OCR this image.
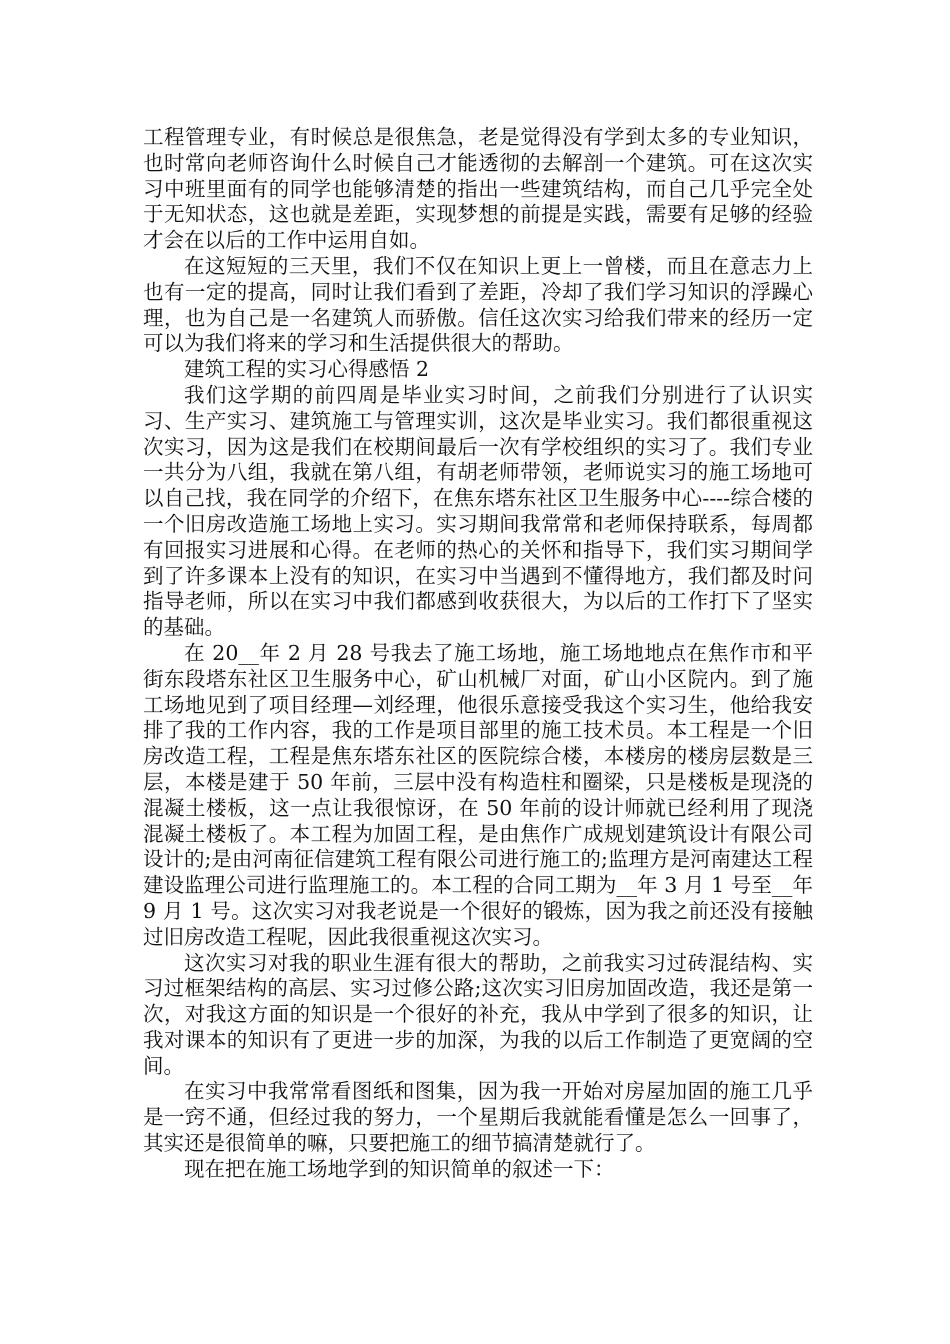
工程管理专业，有时候总是很焦急，老是觉得没有学到太多的专业知识，也时常向老师咨询什么时候自己才能透彻的去解剖一个建筑。可在这次实习中班里面有的同学也能够清楚的指出一些建筑结构，而自己几乎完全处于无知状态，这也就是差距，实现梦想的前提是实践，需要有足够的经验才会在以后的工作中运用自如。

在这短短的三天里，我们不仅在知识上更上一曾楼，而且在意志力上也有一定的提高，同时让我们看到了差距，冷却了我们学习知识的浮躁心理，也为自己是一名建筑人而骄傲。信任这次实习给我们带来的经历一定可以为我们将来的学习和生活提供很大的帮助。

建筑工程的实习心得感悟 2

我们这学期的前四周是毕业实习时间，之前我们分别进行了认识实习、生产实习、建筑施工与管理实训，这次是毕业实习。我们都很重视这次实习，因为这是我们在校期间最后一次有学校组织的实习了。我们专业一共分为八组，我就在第八组，有胡老师带领，老师说实习的施工场地可以自己找，我在同学的介绍下，在焦东塔东社区卫生服务中心----综合楼的一个旧房改造施工场地上实习。实习期间我常常和老师保持联系，每周都有回报实习进展和心得。在老师的热心的关怀和指导下，我们实习期间学到了许多课本上没有的知识，在实习中当遇到不懂得地方，我们都及时问指导老师，所以在实习中我们都感到收获很大，为以后的工作打下了坚实的基础。

在 20__年 2 月 28 号我去了施工场地，施工场地地点在焦作市和平街东段塔东社区卫生服务中心，矿山机械厂对面，矿山小区院内。到了施工场地见到了项目经理—刘经理，他很乐意接受我这个实习生，他给我安排了我的工作内容，我的工作是项目部里的施工技术员。本工程是一个旧房改造工程，工程是焦东塔东社区的医院综合楼，本楼房的楼房层数是三层，本楼是建于 50 年前，三层中没有构造柱和圈梁，只是楼板是现浇的混凝土楼板，这一点让我很惊讶，在 50 年前的设计师就已经利用了现浇混凝土楼板了。本工程为加固工程，是由焦作广成规划建筑设计有限公司设计的;是由河南征信建筑工程有限公司进行施工的;监理方是河南建达工程建设监理公司进行监理施工的。本工程的合同工期为__年 3 月 1 号至__年 9 月 1 号。这次实习对我老说是一个很好的锻炼，因为我之前还没有接触过旧房改造工程呢，因此我很重视这次实习。

这次实习对我的职业生涯有很大的帮助，之前我实习过砖混结构、实习过框架结构的高层、实习过修公路;这次实习旧房加固改造，我还是第一次，对我这方面的知识是一个很好的补充，我从中学到了很多的知识，让我对课本的知识有了更进一步的加深，为我的以后工作制造了更宽阔的空间。

在实习中我常常看图纸和图集，因为我一开始对房屋加固的施工几乎是一窍不通，但经过我的努力，一个星期后我就能看懂是怎么一回事了，其实还是很简单的嘛，只要把施工的细节搞清楚就行了。

现在把在施工场地学到的知识简单的叙述一下：
